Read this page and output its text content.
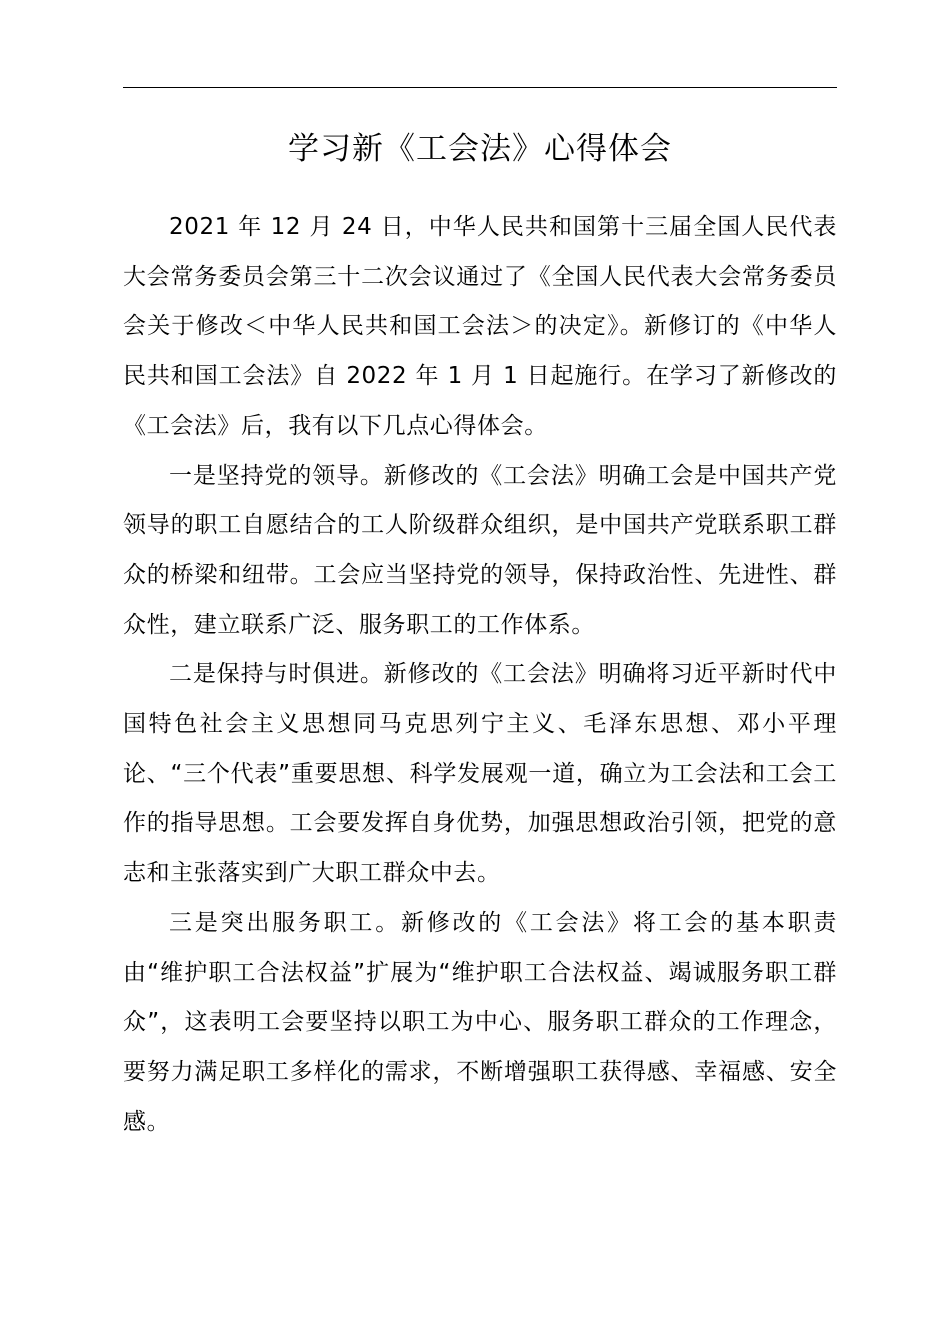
学习新《工会法》心得体会

2021 年 12 月 24 日，中华人民共和国第十三届全国人民代表大会常务委员会第三十二次会议通过了《全国人民代表大会常务委员会关于修改＜中华人民共和国工会法＞的决定》。新修订的《中华人民共和国工会法》自 2022 年 1 月 1 日起施行。在学习了新修改的《工会法》后，我有以下几点心得体会。

一是坚持党的领导。新修改的《工会法》明确工会是中国共产党领导的职工自愿结合的工人阶级群众组织，是中国共产党联系职工群众的桥梁和纽带。工会应当坚持党的领导，保持政治性、先进性、群众性，建立联系广泛、服务职工的工作体系。

二是保持与时俱进。新修改的《工会法》明确将习近平新时代中国特色社会主义思想同马克思列宁主义、毛泽东思想、邓小平理论、“三个代表”重要思想、科学发展观一道，确立为工会法和工会工作的指导思想。工会要发挥自身优势，加强思想政治引领，把党的意志和主张落实到广大职工群众中去。

三是突出服务职工。新修改的《工会法》将工会的基本职责由“维护职工合法权益”扩展为“维护职工合法权益、竭诚服务职工群众”，这表明工会要坚持以职工为中心、服务职工群众的工作理念，要努力满足职工多样化的需求，不断增强职工获得感、幸福感、安全感。
